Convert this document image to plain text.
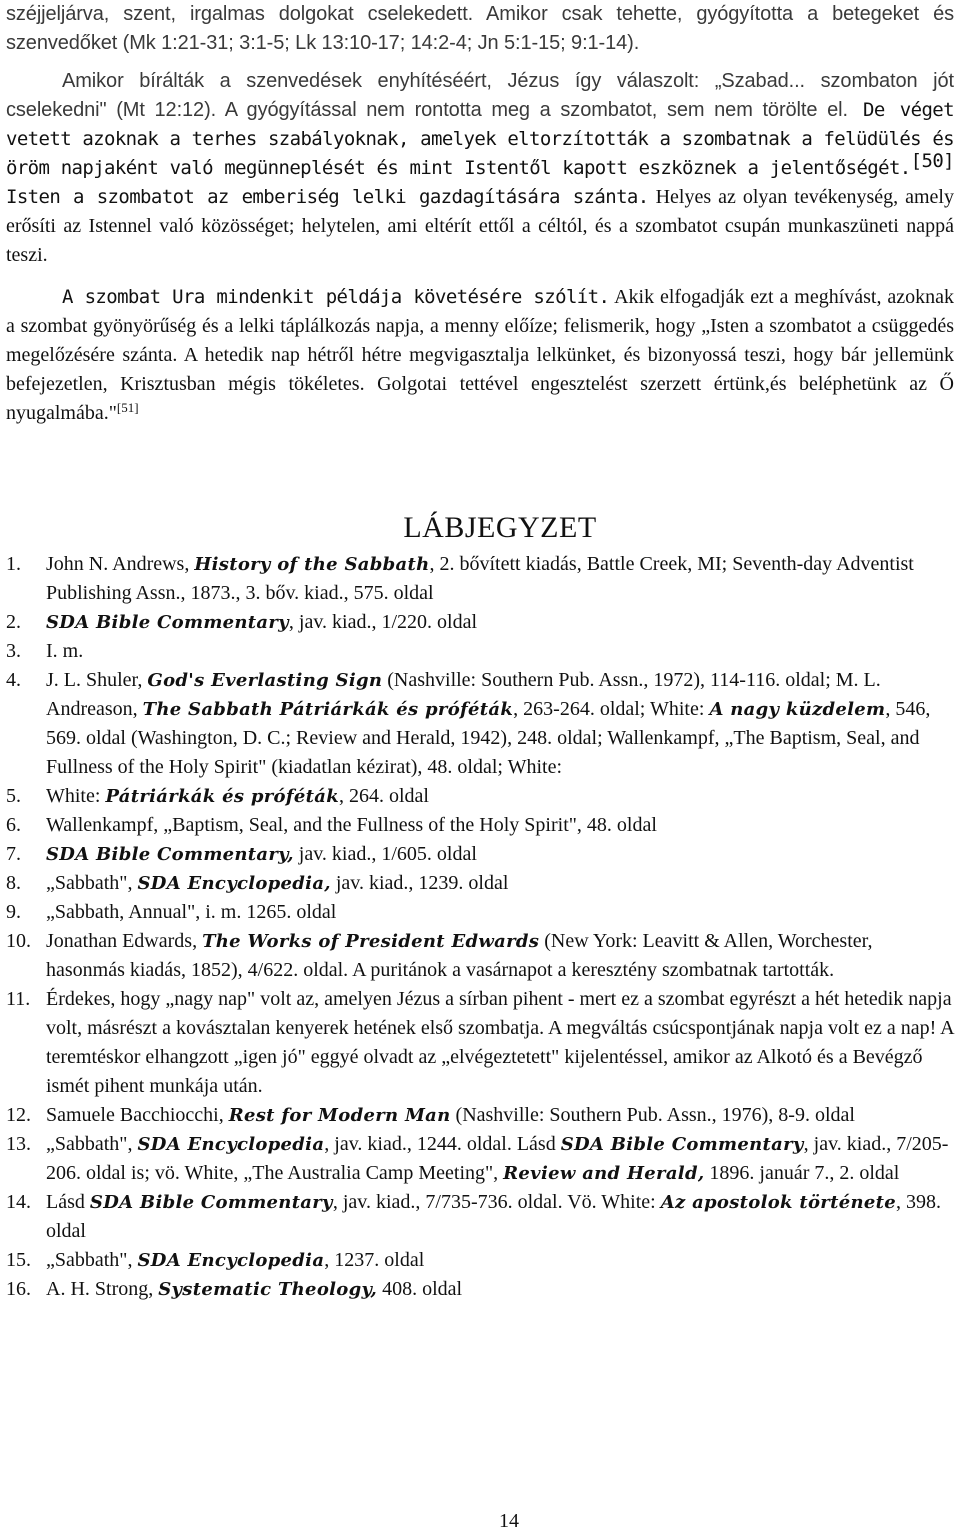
széjjeljárva, szent, irgalmas dolgokat cselekedett. Amikor csak tehette, gyógyította a betegeket és szenvedőket (Mk 1:21-31; 3:1-5; Lk 13:10-17; 14:2-4; Jn 5:1-15; 9:1-14).

Amikor bírálták a szenvedések enyhítéséért, Jézus így válaszolt: „Szabad... szombaton jót cselekedni" (Mt 12:12). A gyógyítással nem rontotta meg a szombatot, sem nem törölte el. De véget vetett azoknak a terhes szabályoknak, amelyek eltorzították a szombatnak a felüdülés és öröm napjaként való megünneplését és mint Istentől kapott eszköznek a jelentőségét.[50] Isten a szombatot az emberiség lelki gazdagítására szánta. Helyes az olyan tevékenység, amely erősíti az Istennel való közösséget; helytelen, ami eltérít ettől a céltól, és a szombatot csupán munkaszüneti nappá teszi.

A szombat Ura mindenkit példája követésére szólít. Akik elfogadják ezt a meghívást, azoknak a szombat gyönyörűség és a lelki táplálkozás napja, a menny előíze; felismerik, hogy „Isten a szombatot a csüggedés megelőzésére szánta. A hetedik nap hétről hétre megvigasztalja lelkünket, és bizonyossá teszi, hogy bár jellemünk befejezetlen, Krisztusban mégis tökéletes. Golgotai tettével engesztelést szerzett értünk,és beléphetünk az Ő nyugalmába."[51]

LÁBJEGYZET
1. John N. Andrews, History of the Sabbath, 2. bővített kiadás, Battle Creek, MI; Seventh-day Adventist Publishing Assn., 1873., 3. bőv. kiad., 575. oldal
2. SDA Bible Commentary, jav. kiad., 1/220. oldal
3. I. m.
4. J. L. Shuler, God's Everlasting Sign (Nashville: Southern Pub. Assn., 1972), 114-116. oldal; M. L. Andreason, The Sabbath Pátriárkák és próféták, 263-264. oldal; White: A nagy küzdelem, 546, 569. oldal (Washington, D. C.; Review and Herald, 1942), 248. oldal; Wallenkampf, „The Baptism, Seal, and Fullness of the Holy Spirit" (kiadatlan kézirat), 48. oldal; White:
5. White: Pátriárkák és próféták, 264. oldal
6. Wallenkampf, „Baptism, Seal, and the Fullness of the Holy Spirit", 48. oldal
7. SDA Bible Commentary, jav. kiad., 1/605. oldal
8. „Sabbath", SDA Encyclopedia, jav. kiad., 1239. oldal
9. „Sabbath, Annual", i. m. 1265. oldal
10. Jonathan Edwards, The Works of President Edwards (New York: Leavitt & Allen, Worchester, hasonmás kiadás, 1852), 4/622. oldal. A puritánok a vasárnapot a keresztény szombatnak tartották.
11. Érdekes, hogy „nagy nap" volt az, amelyen Jézus a sírban pihent - mert ez a szombat egyrészt a hét hetedik napja volt, másrészt a kovásztalan kenyerek hetének első szombatja. A megváltás csúcspontjának napja volt ez a nap! A teremtéskor elhangzott „igen jó" eggyé olvadt az „elvégeztetett" kijelentéssel, amikor az Alkotó és a Bevégző ismét pihent munkája után.
12. Samuele Bacchiocchi, Rest for Modern Man (Nashville: Southern Pub. Assn., 1976), 8-9. oldal
13. „Sabbath", SDA Encyclopedia, jav. kiad., 1244. oldal. Lásd SDA Bible Commentary, jav. kiad., 7/205-206. oldal is; vö. White, „The Australia Camp Meeting", Review and Herald, 1896. január 7., 2. oldal
14. Lásd SDA Bible Commentary, jav. kiad., 7/735-736. oldal. Vö. White: Az apostolok története, 398. oldal
15. „Sabbath", SDA Encyclopedia, 1237. oldal
16. A. H. Strong, Systematic Theology, 408. oldal

14
